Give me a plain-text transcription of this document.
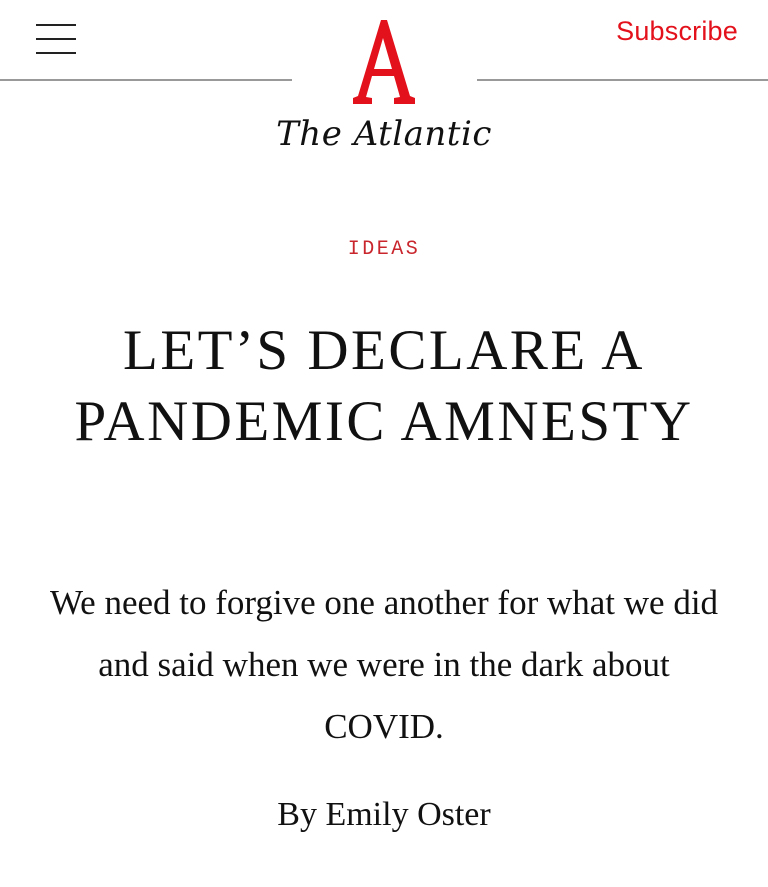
The Atlantic
Subscribe
IDEAS
LET’S DECLARE A PANDEMIC AMNESTY

We need to forgive one another for what we did and said when we were in the dark about COVID.

By Emily Oster
